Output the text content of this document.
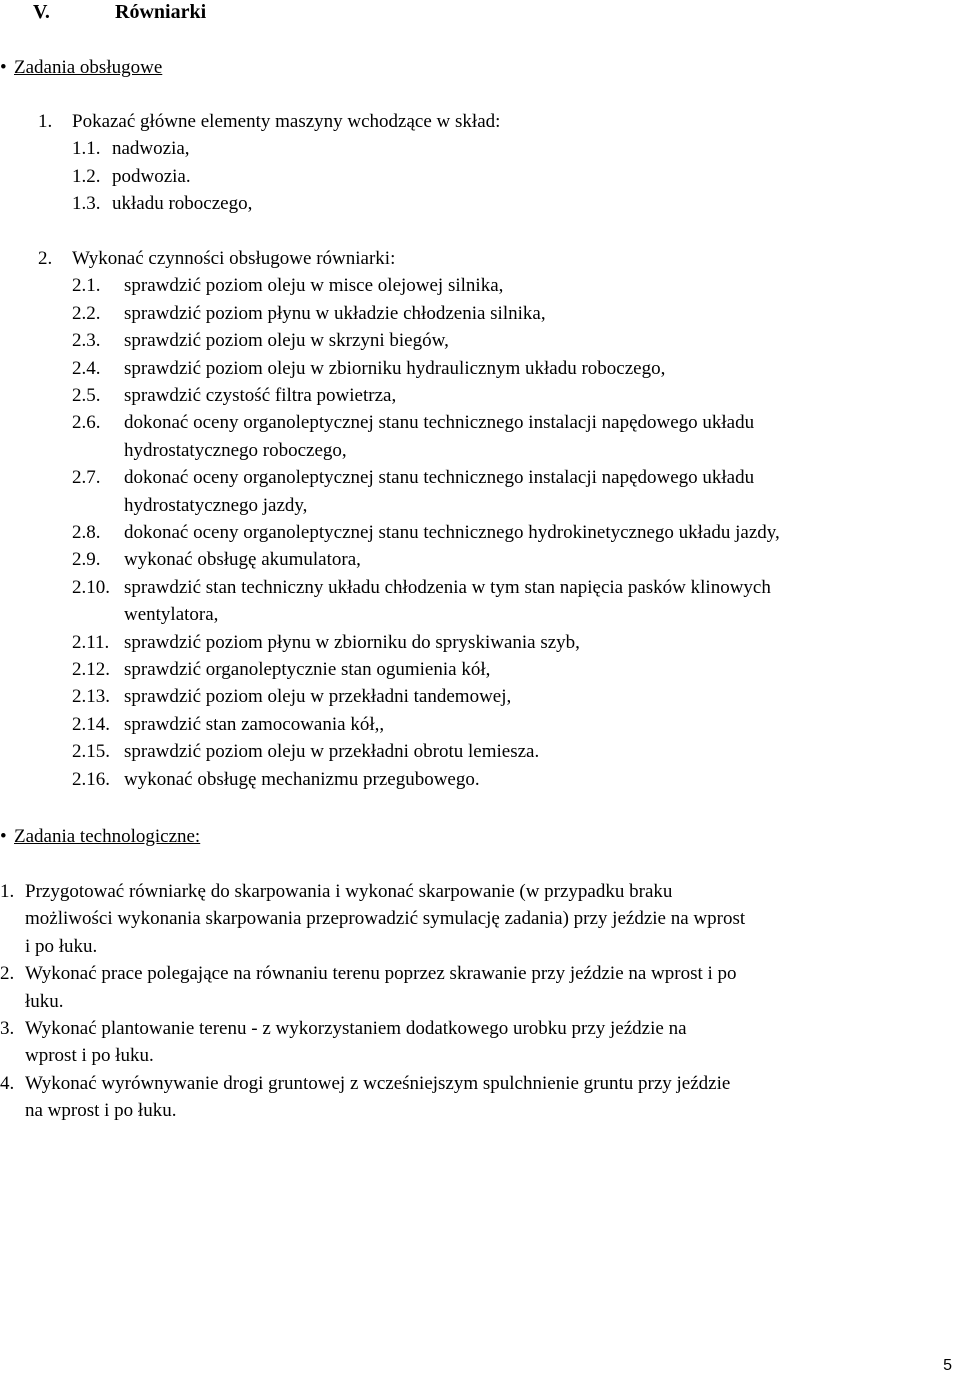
V.	Równiarki
• Zadania obsługowe
1. Pokazać główne elementy maszyny wchodzące w skład:
1.1. nadwozia,
1.2. podwozia.
1.3. układu roboczego,
2. Wykonać czynności obsługowe równiarki:
2.1. sprawdzić poziom oleju w misce olejowej silnika,
2.2. sprawdzić poziom płynu w układzie chłodzenia silnika,
2.3. sprawdzić poziom oleju w skrzyni biegów,
2.4. sprawdzić poziom oleju w zbiorniku hydraulicznym układu roboczego,
2.5. sprawdzić czystość filtra powietrza,
2.6. dokonać oceny organoleptycznej stanu technicznego instalacji napędowego układu
hydrostatycznego roboczego,
2.7. dokonać oceny organoleptycznej stanu technicznego instalacji napędowego układu
hydrostatycznego jazdy,
2.8. dokonać oceny organoleptycznej stanu technicznego hydrokinetycznego układu jazdy,
2.9. wykonać obsługę akumulatora,
2.10. sprawdzić stan techniczny układu chłodzenia w tym stan napięcia pasków klinowych
wentylatora,
2.11. sprawdzić poziom płynu w zbiorniku do spryskiwania szyb,
2.12. sprawdzić organoleptycznie stan ogumienia kół,
2.13. sprawdzić poziom oleju w przekładni tandemowej,
2.14. sprawdzić stan zamocowania kół,,
2.15. sprawdzić poziom oleju w przekładni obrotu lemiesza.
2.16. wykonać obsługę mechanizmu przegubowego.
• Zadania technologiczne:
1. Przygotować równiarkę do skarpowania i wykonać skarpowanie (w przypadku braku
możliwości wykonania skarpowania przeprowadzić symulację zadania) przy jeździe na wprost
i po łuku.
2. Wykonać prace polegające na równaniu terenu poprzez skrawanie przy jeździe na wprost i po
łuku.
3. Wykonać plantowanie terenu - z wykorzystaniem dodatkowego urobku przy jeździe na
wprost i po łuku.
4. Wykonać wyrównywanie drogi gruntowej z wcześniejszym spulchnienie gruntu przy jeździe
na wprost i po łuku.
5
